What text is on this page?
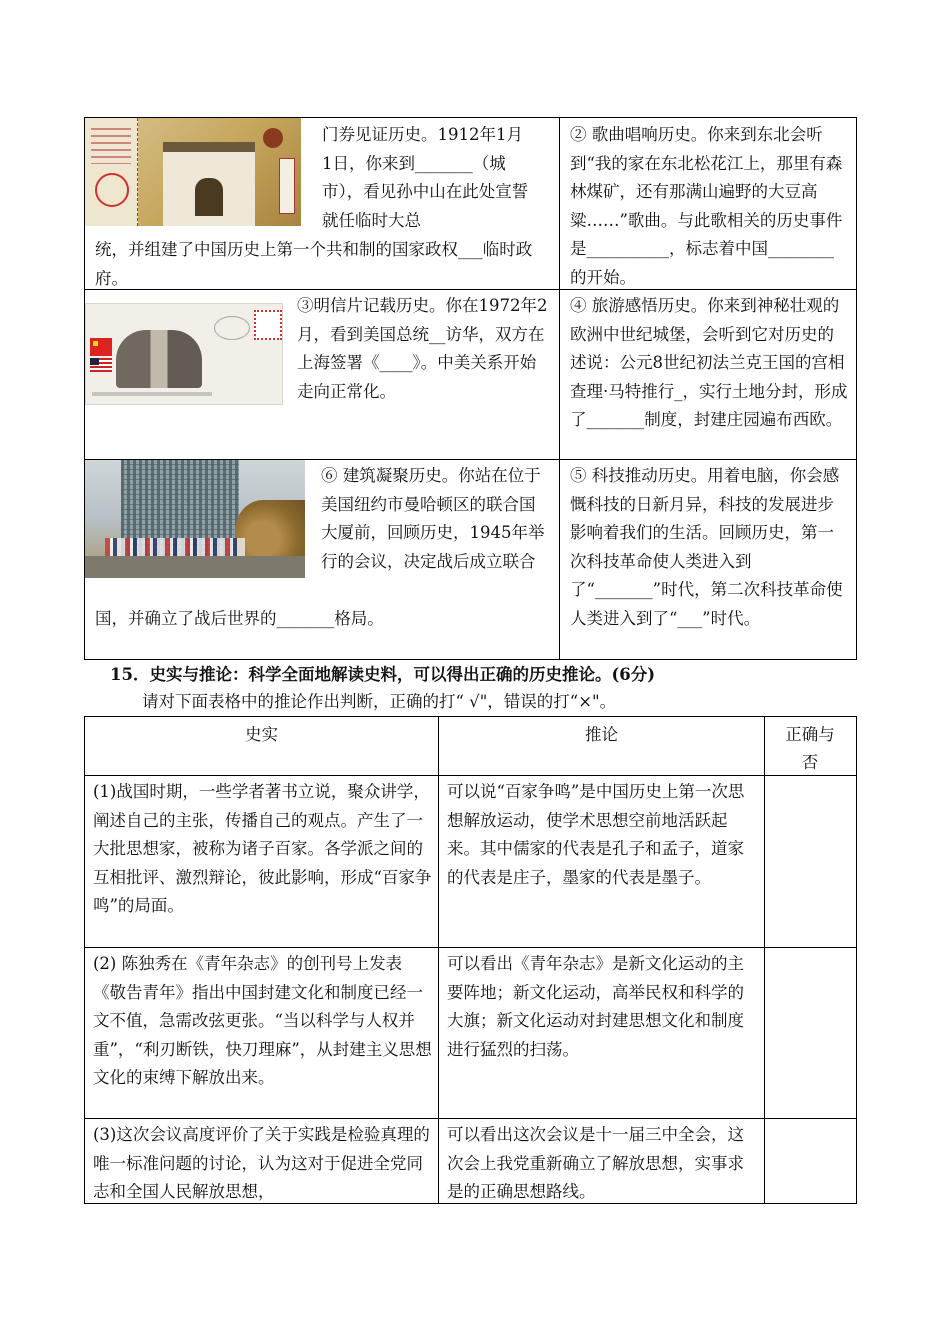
门券见证历史。1912年1月1日，你来到_______（城市），看见孙中山在此处宣誓就任临时大总
统，并组建了中国历史上第一个共和制的国家政权___临时政府。
② 歌曲唱响历史。你来到东北会听到“我的家在东北松花江上，那里有森林煤矿，还有那满山遍野的大豆高粱……”歌曲。与此歌相关的历史事件是__________，标志着中国________的开始。
③明信片记载历史。你在1972年2月，看到美国总统__访华，双方在上海签署《____》。中美关系开始走向正常化。
④ 旅游感悟历史。你来到神秘壮观的欧洲中世纪城堡，会听到它对历史的述说：公元8世纪初法兰克王国的宫相查理·马特推行_，实行土地分封，形成了_______制度，封建庄园遍布西欧。
⑥ 建筑凝聚历史。你站在位于美国纽约市曼哈顿区的联合国大厦前，回顾历史，1945年举行的会议，决定战后成立联合
国，并确立了战后世界的_______格局。
⑤ 科技推动历史。用着电脑，你会感慨科技的日新月异，科技的发展进步影响着我们的生活。回顾历史，第一次科技革命使人类进入到了“_______”时代，第二次科技革命使人类进入到了“___”时代。
15．史实与推论：科学全面地解读史料，可以得出正确的历史推论。(6分)
请对下面表格中的推论作出判断，正确的打“ √"，错误的打“×"。
史实	推论	正确与否
(1)战国时期，一些学者著书立说，聚众讲学，阐述自己的主张，传播自己的观点。产生了一大批思想家，被称为诸子百家。各学派之间的互相批评、激烈辩论，彼此影响，形成“百家争鸣”的局面。
可以说“百家争鸣”是中国历史上第一次思想解放运动，使学术思想空前地活跃起来。其中儒家的代表是孔子和孟子，道家的代表是庄子，墨家的代表是墨子。
(2) 陈独秀在《青年杂志》的创刊号上发表《敬告青年》指出中国封建文化和制度已经一文不值，急需改弦更张。“当以科学与人权并重”，“利刃断铁，快刀理麻”，从封建主义思想文化的束缚下解放出来。
可以看出《青年杂志》是新文化运动的主要阵地；新文化运动，高举民权和科学的大旗；新文化运动对封建思想文化和制度进行猛烈的扫荡。
(3)这次会议高度评价了关于实践是检验真理的唯一标准问题的讨论，认为这对于促进全党同志和全国人民解放思想，
可以看出这次会议是十一届三中全会，这次会上我党重新确立了解放思想，实事求是的正确思想路线。
